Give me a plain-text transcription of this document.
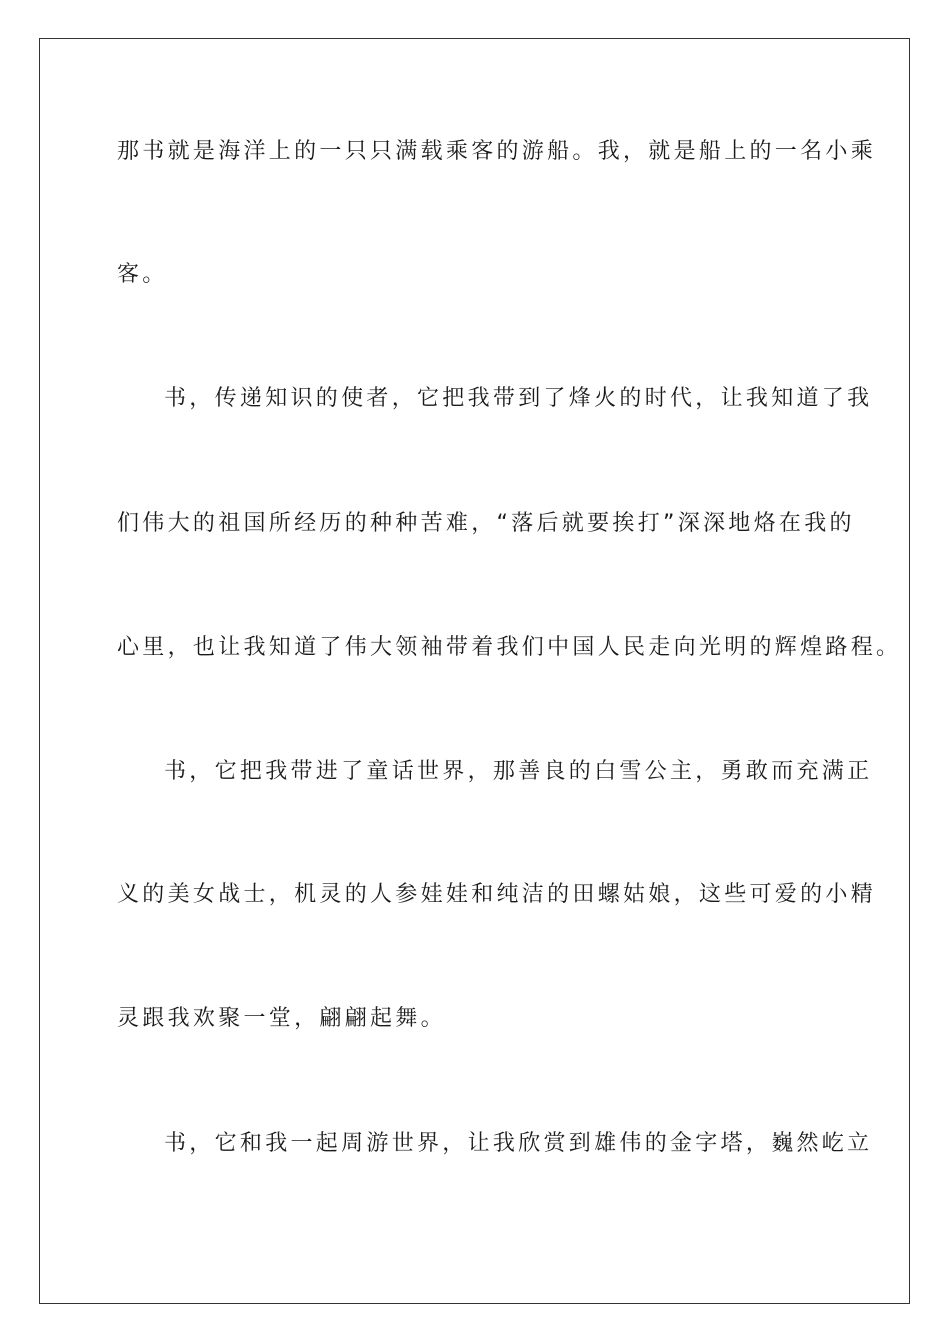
那书就是海洋上的一只只满载乘客的游船。我，就是船上的一名小乘
客。
书，传递知识的使者，它把我带到了烽火的时代，让我知道了我
们伟大的祖国所经历的种种苦难，“落后就要挨打”深深地烙在我的
心里，也让我知道了伟大领袖带着我们中国人民走向光明的辉煌路程。
书，它把我带进了童话世界，那善良的白雪公主，勇敢而充满正
义的美女战士，机灵的人参娃娃和纯洁的田螺姑娘，这些可爱的小精
灵跟我欢聚一堂，翩翩起舞。
书，它和我一起周游世界，让我欣赏到雄伟的金字塔，巍然屹立
